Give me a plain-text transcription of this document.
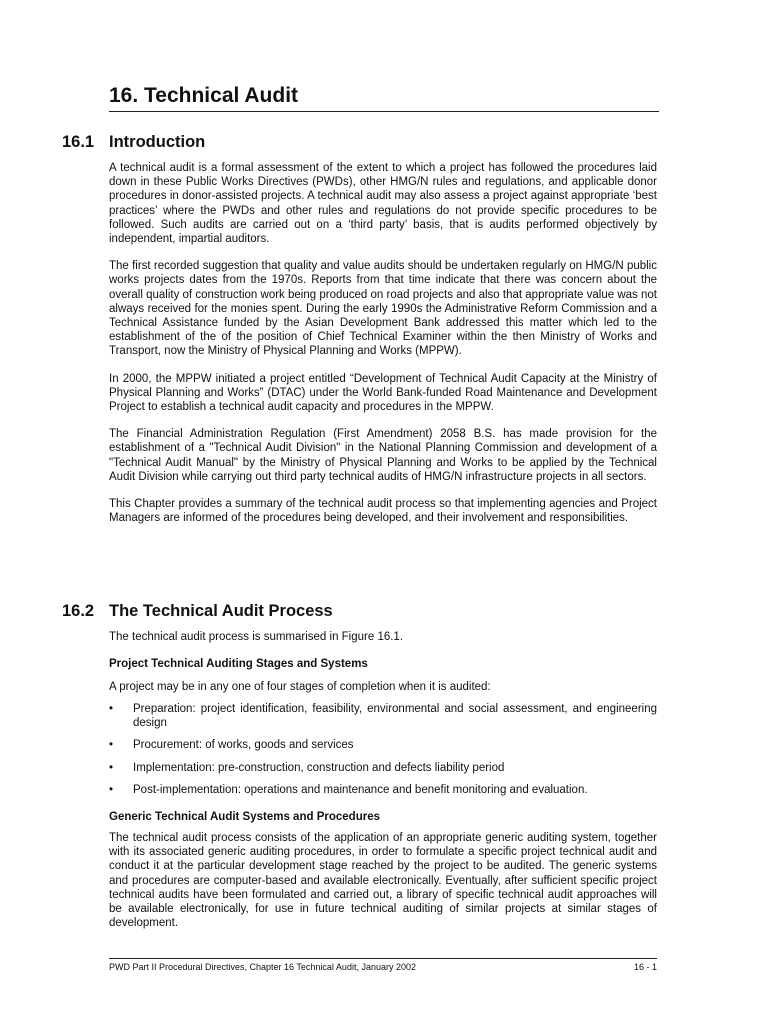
16. Technical Audit
16.1 Introduction

A technical audit is a formal assessment of the extent to which a project has followed the procedures laid down in these Public Works Directives (PWDs), other HMG/N rules and regulations, and applicable donor procedures in donor-assisted projects. A technical audit may also assess a project against appropriate ‘best practices’ where the PWDs and other rules and regulations do not provide specific procedures to be followed. Such audits are carried out on a ‘third party’ basis, that is audits performed objectively by independent, impartial auditors.

The first recorded suggestion that quality and value audits should be undertaken regularly on HMG/N public works projects dates from the 1970s. Reports from that time indicate that there was concern about the overall quality of construction work being produced on road projects and also that appropriate value was not always received for the monies spent. During the early 1990s the Administrative Reform Commission and a Technical Assistance funded by the Asian Development Bank addressed this matter which led to the establishment of the of the position of Chief Technical Examiner within the then Ministry of Works and Transport, now the Ministry of Physical Planning and Works (MPPW).

In 2000, the MPPW initiated a project entitled “Development of Technical Audit Capacity at the Ministry of Physical Planning and Works” (DTAC) under the World Bank-funded Road Maintenance and Development Project to establish a technical audit capacity and procedures in the MPPW.

The Financial Administration Regulation (First Amendment) 2058 B.S. has made provision for the establishment of a "Technical Audit Division" in the National Planning Commission and development of a "Technical Audit Manual" by the Ministry of Physical Planning and Works to be applied by the Technical Audit Division while carrying out third party technical audits of HMG/N infrastructure projects in all sectors.

This Chapter provides a summary of the technical audit process so that implementing agencies and Project Managers are informed of the procedures being developed, and their involvement and responsibilities.

16.2 The Technical Audit Process

The technical audit process is summarised in Figure 16.1.

Project Technical Auditing Stages and Systems

A project may be in any one of four stages of completion when it is audited:

• Preparation: project identification, feasibility, environmental and social assessment, and engineering design
• Procurement: of works, goods and services
• Implementation: pre-construction, construction and defects liability period
• Post-implementation: operations and maintenance and benefit monitoring and evaluation.

Generic Technical Audit Systems and Procedures

The technical audit process consists of the application of an appropriate generic auditing system, together with its associated generic auditing procedures, in order to formulate a specific project technical audit and conduct it at the particular development stage reached by the project to be audited. The generic systems and procedures are computer-based and available electronically. Eventually, after sufficient specific project technical audits have been formulated and carried out, a library of specific technical audit approaches will be available electronically, for use in future technical auditing of similar projects at similar stages of development.

PWD Part II Procedural Directives, Chapter 16 Technical Audit, January 2002	16 - 1
